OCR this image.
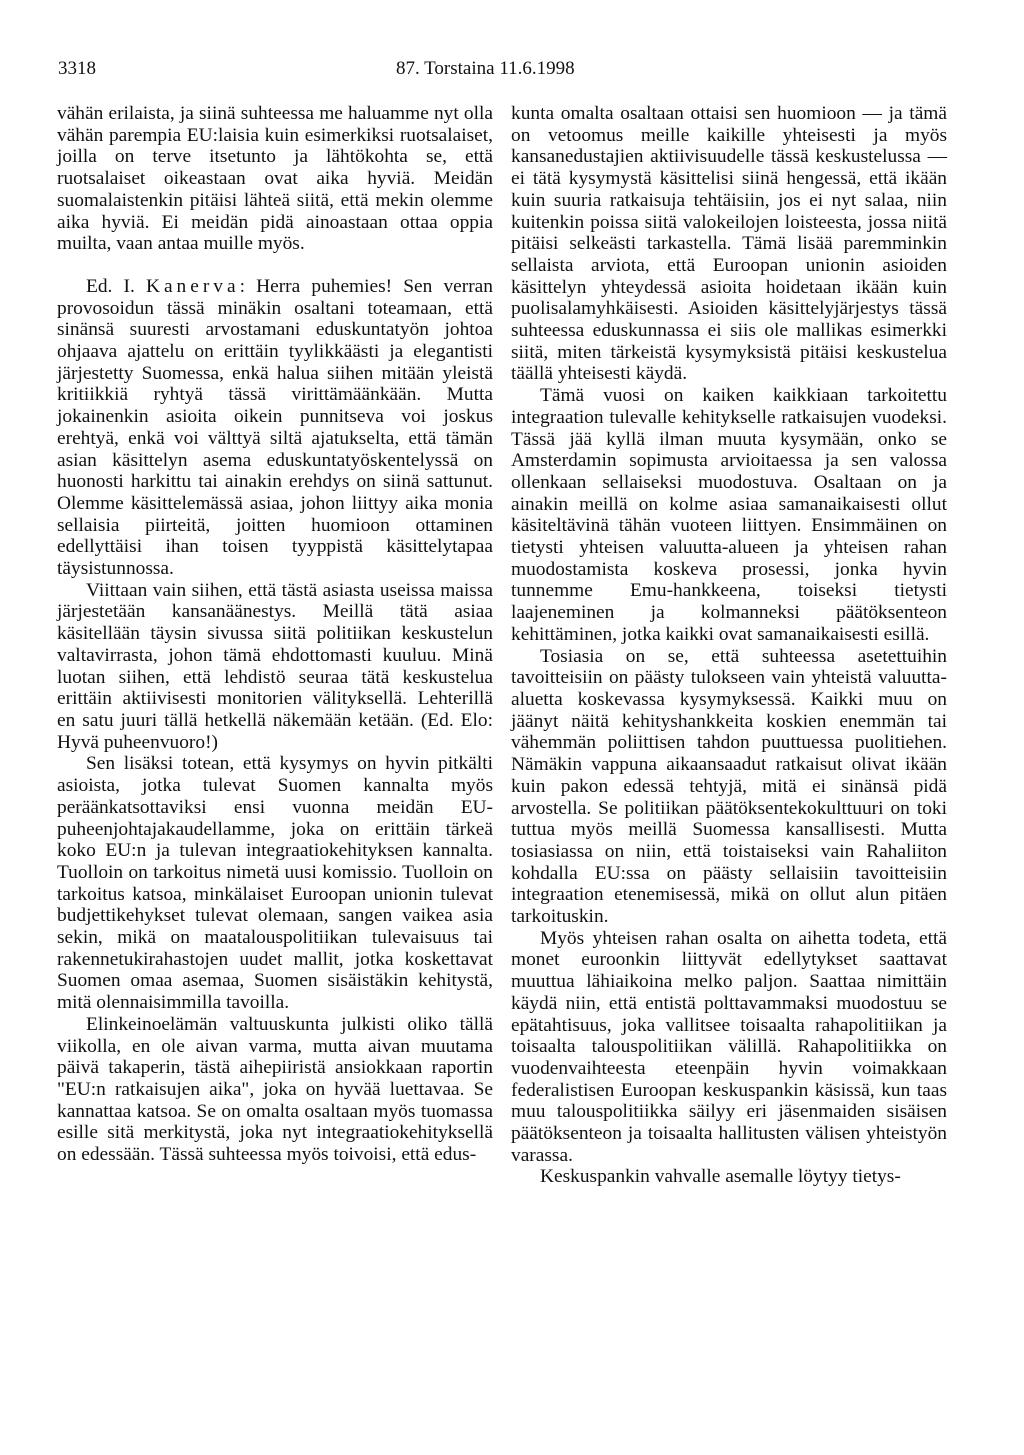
3318	87. Torstaina 11.6.1998

vähän erilaista, ja siinä suhteessa me haluamme nyt olla vähän parempia EU:laisia kuin esimerkiksi ruotsalaiset, joilla on terve itsetunto ja lähtökohta se, että ruotsalaiset oikeastaan ovat aika hyviä. Meidän suomalaistenkin pitäisi lähteä siitä, että mekin olemme aika hyviä. Ei meidän pidä ainoastaan ottaa oppia muilta, vaan antaa muille myös.

Ed. I. Kanerva: Herra puhemies! Sen verran provosoidun tässä minäkin osaltani toteamaan, että sinänsä suuresti arvostamani eduskuntatyön johtoa ohjaava ajattelu on erittäin tyylikkäästi ja elegantisti järjestetty Suomessa, enkä halua siihen mitään yleistä kritiikkiä ryhtyä tässä virittämäänkään. Mutta jokainenkin asioita oikein punnitseva voi joskus erehtyä, enkä voi välttyä siltä ajatukselta, että tämän asian käsittelyn asema eduskuntatyöskentelyssä on huonosti harkittu tai ainakin erehdys on siinä sattunut. Olemme käsittelemässä asiaa, johon liittyy aika monia sellaisia piirteitä, joitten huomioon ottaminen edellyttäisi ihan toisen tyyppistä käsittelytapaa täysistunnossa.

Viittaan vain siihen, että tästä asiasta useissa maissa järjestetään kansanäänestys. Meillä tätä asiaa käsitellään täysin sivussa siitä politiikan keskustelun valtavirrasta, johon tämä ehdottomasti kuuluu. Minä luotan siihen, että lehdistö seuraa tätä keskustelua erittäin aktiivisesti monitorien välityksellä. Lehterillä en satu juuri tällä hetkellä näkemään ketään. (Ed. Elo: Hyvä puheenvuoro!)

Sen lisäksi totean, että kysymys on hyvin pitkälti asioista, jotka tulevat Suomen kannalta myös peräänkatsottaviksi ensi vuonna meidän EU-puheenjohtajakaudellamme, joka on erittäin tärkeä koko EU:n ja tulevan integraatiokehityksen kannalta. Tuolloin on tarkoitus nimetä uusi komissio. Tuolloin on tarkoitus katsoa, minkälaiset Euroopan unionin tulevat budjettikehykset tulevat olemaan, sangen vaikea asia sekin, mikä on maatalouspolitiikan tulevaisuus tai rakennetukirahastojen uudet mallit, jotka koskettavat Suomen omaa asemaa, Suomen sisäistäkin kehitystä, mitä olennaisimmilla tavoilla.

Elinkeinoelämän valtuuskunta julkisti oliko tällä viikolla, en ole aivan varma, mutta aivan muutama päivä takaperin, tästä aihepiiristä ansiokkaan raportin "EU:n ratkaisujen aika", joka on hyvää luettavaa. Se kannattaa katsoa. Se on omalta osaltaan myös tuomassa esille sitä merkitystä, joka nyt integraatiokehityksellä on edessään. Tässä suhteessa myös toivoisi, että edus-

kunta omalta osaltaan ottaisi sen huomioon — ja tämä on vetoomus meille kaikille yhteisesti ja myös kansanedustajien aktiivisuudelle tässä keskustelussa — ei tätä kysymystä käsittelisi siinä hengessä, että ikään kuin suuria ratkaisuja tehtäisiin, jos ei nyt salaa, niin kuitenkin poissa siitä valokeilojen loisteesta, jossa niitä pitäisi selkeästi tarkastella. Tämä lisää paremminkin sellaista arviota, että Euroopan unionin asioiden käsittelyn yhteydessä asioita hoidetaan ikään kuin puolisalamyhkäisesti. Asioiden käsittelyjärjestys tässä suhteessa eduskunnassa ei siis ole mallikas esimerkki siitä, miten tärkeistä kysymyksistä pitäisi keskustelua täällä yhteisesti käydä.

Tämä vuosi on kaiken kaikkiaan tarkoitettu integraation tulevalle kehitykselle ratkaisujen vuodeksi. Tässä jää kyllä ilman muuta kysymään, onko se Amsterdamin sopimusta arvioitaessa ja sen valossa ollenkaan sellaiseksi muodostuva. Osaltaan on ja ainakin meillä on kolme asiaa samanaikaisesti ollut käsiteltävinä tähän vuoteen liittyen. Ensimmäinen on tietysti yhteisen valuutta-alueen ja yhteisen rahan muodostamista koskeva prosessi, jonka hyvin tunnemme Emu-hankkeena, toiseksi tietysti laajeneminen ja kolmanneksi päätöksenteon kehittäminen, jotka kaikki ovat samanaikaisesti esillä.

Tosiasia on se, että suhteessa asetettuihin tavoitteisiin on päästy tulokseen vain yhteistä valuutta-aluetta koskevassa kysymyksessä. Kaikki muu on jäänyt näitä kehityshankkeita koskien enemmän tai vähemmän poliittisen tahdon puuttuessa puolitiehen. Nämäkin vappuna aikaansaadut ratkaisut olivat ikään kuin pakon edessä tehtyjä, mitä ei sinänsä pidä arvostella. Se politiikan päätöksentekokulttuuri on toki tuttua myös meillä Suomessa kansallisesti. Mutta tosiasiassa on niin, että toistaiseksi vain Rahaliiton kohdalla EU:ssa on päästy sellaisiin tavoitteisiin integraation etenemisessä, mikä on ollut alun pitäen tarkoituskin.

Myös yhteisen rahan osalta on aihetta todeta, että monet euroonkin liittyvät edellytykset saattavat muuttua lähiaikoina melko paljon. Saattaa nimittäin käydä niin, että entistä polttavammaksi muodostuu se epätahtisuus, joka vallitsee toisaalta rahapolitiikan ja toisaalta talouspolitiikan välillä. Rahapolitiikka on vuodenvaihteesta eteenpäin hyvin voimakkaan federalistisen Euroopan keskuspankin käsissä, kun taas muu talouspolitiikka säilyy eri jäsenmaiden sisäisen päätöksenteon ja toisaalta hallitusten välisen yhteistyön varassa.

Keskuspankin vahvalle asemalle löytyy tietys-
